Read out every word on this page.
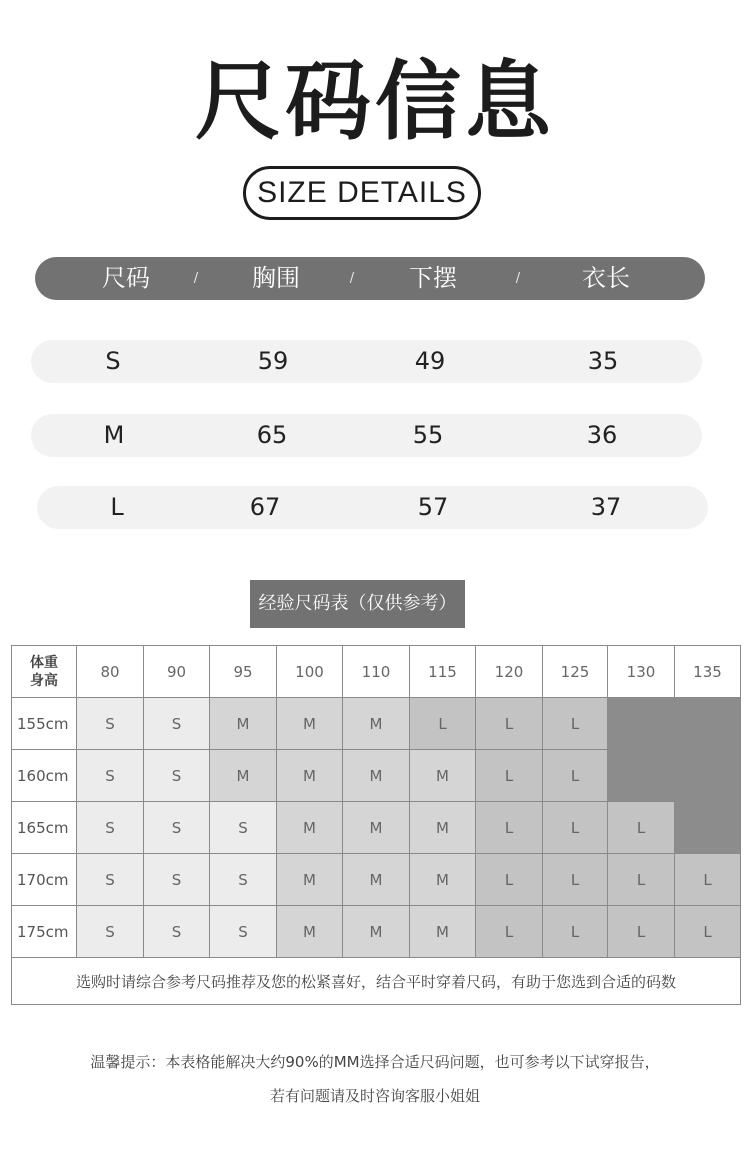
尺码信息
SIZE DETAILS
尺码	/ 胸围	/ 下摆	/	衣长
S	59	49	35
M	65	55	36
L	67	57	37
经验尺码表（仅供参考）
体重
身高	80	90	95	100	110	115	120	125	130	135
155cm	S	S	M	M	M	L	L	L		
160cm	S	S	M	M	M	M	L	L		
165cm	S	S	S	M	M	M	L	L	L	
170cm	S	S	S	M	M	M	L	L	L	L
175cm	S	S	S	M	M	M	L	L	L	L
选购时请综合参考尺码推荐及您的松紧喜好，结合平时穿着尺码，有助于您选到合适的码数										
温馨提示：本表格能解决大约90%的MM选择合适尺码问题，也可参考以下试穿报告，
若有问题请及时咨询客服小姐姐
